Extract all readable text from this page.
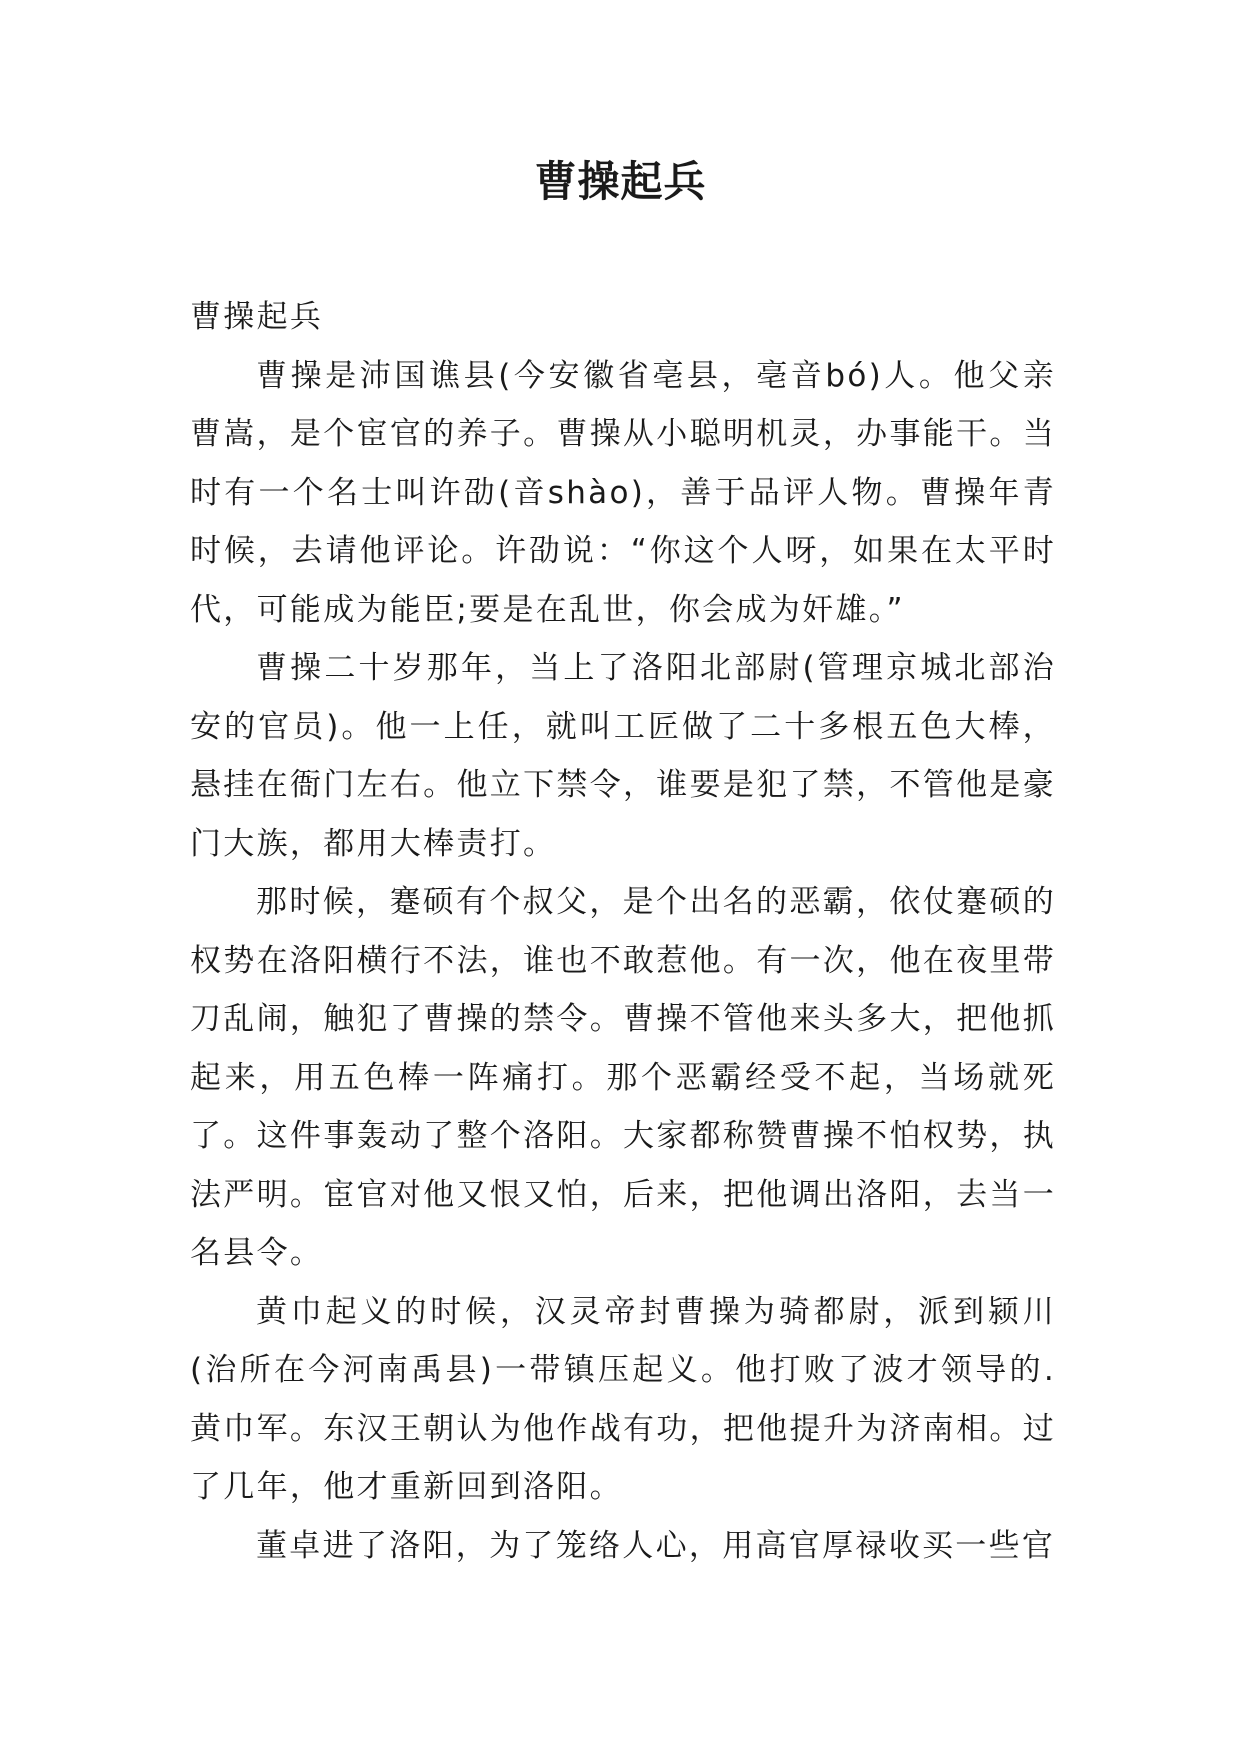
曹操起兵

曹操起兵

曹操是沛国谯县(今安徽省亳县，亳音bó)人。他父亲曹嵩，是个宦官的养子。曹操从小聪明机灵，办事能干。当时有一个名士叫许劭(音shào)，善于品评人物。曹操年青时候，去请他评论。许劭说：“你这个人呀，如果在太平时代，可能成为能臣;要是在乱世，你会成为奸雄。”

曹操二十岁那年，当上了洛阳北部尉(管理京城北部治安的官员)。他一上任，就叫工匠做了二十多根五色大棒，悬挂在衙门左右。他立下禁令，谁要是犯了禁，不管他是豪门大族，都用大棒责打。

那时候，蹇硕有个叔父，是个出名的恶霸，依仗蹇硕的权势在洛阳横行不法，谁也不敢惹他。有一次，他在夜里带刀乱闹，触犯了曹操的禁令。曹操不管他来头多大，把他抓起来，用五色棒一阵痛打。那个恶霸经受不起，当场就死了。这件事轰动了整个洛阳。大家都称赞曹操不怕权势，执法严明。宦官对他又恨又怕，后来，把他调出洛阳，去当一名县令。

黄巾起义的时候，汉灵帝封曹操为骑都尉，派到颍川(治所在今河南禹县)一带镇压起义。他打败了波才领导的.黄巾军。东汉王朝认为他作战有功，把他提升为济南相。过了几年，他才重新回到洛阳。

董卓进了洛阳，为了笼络人心，用高官厚禄收买一些官
